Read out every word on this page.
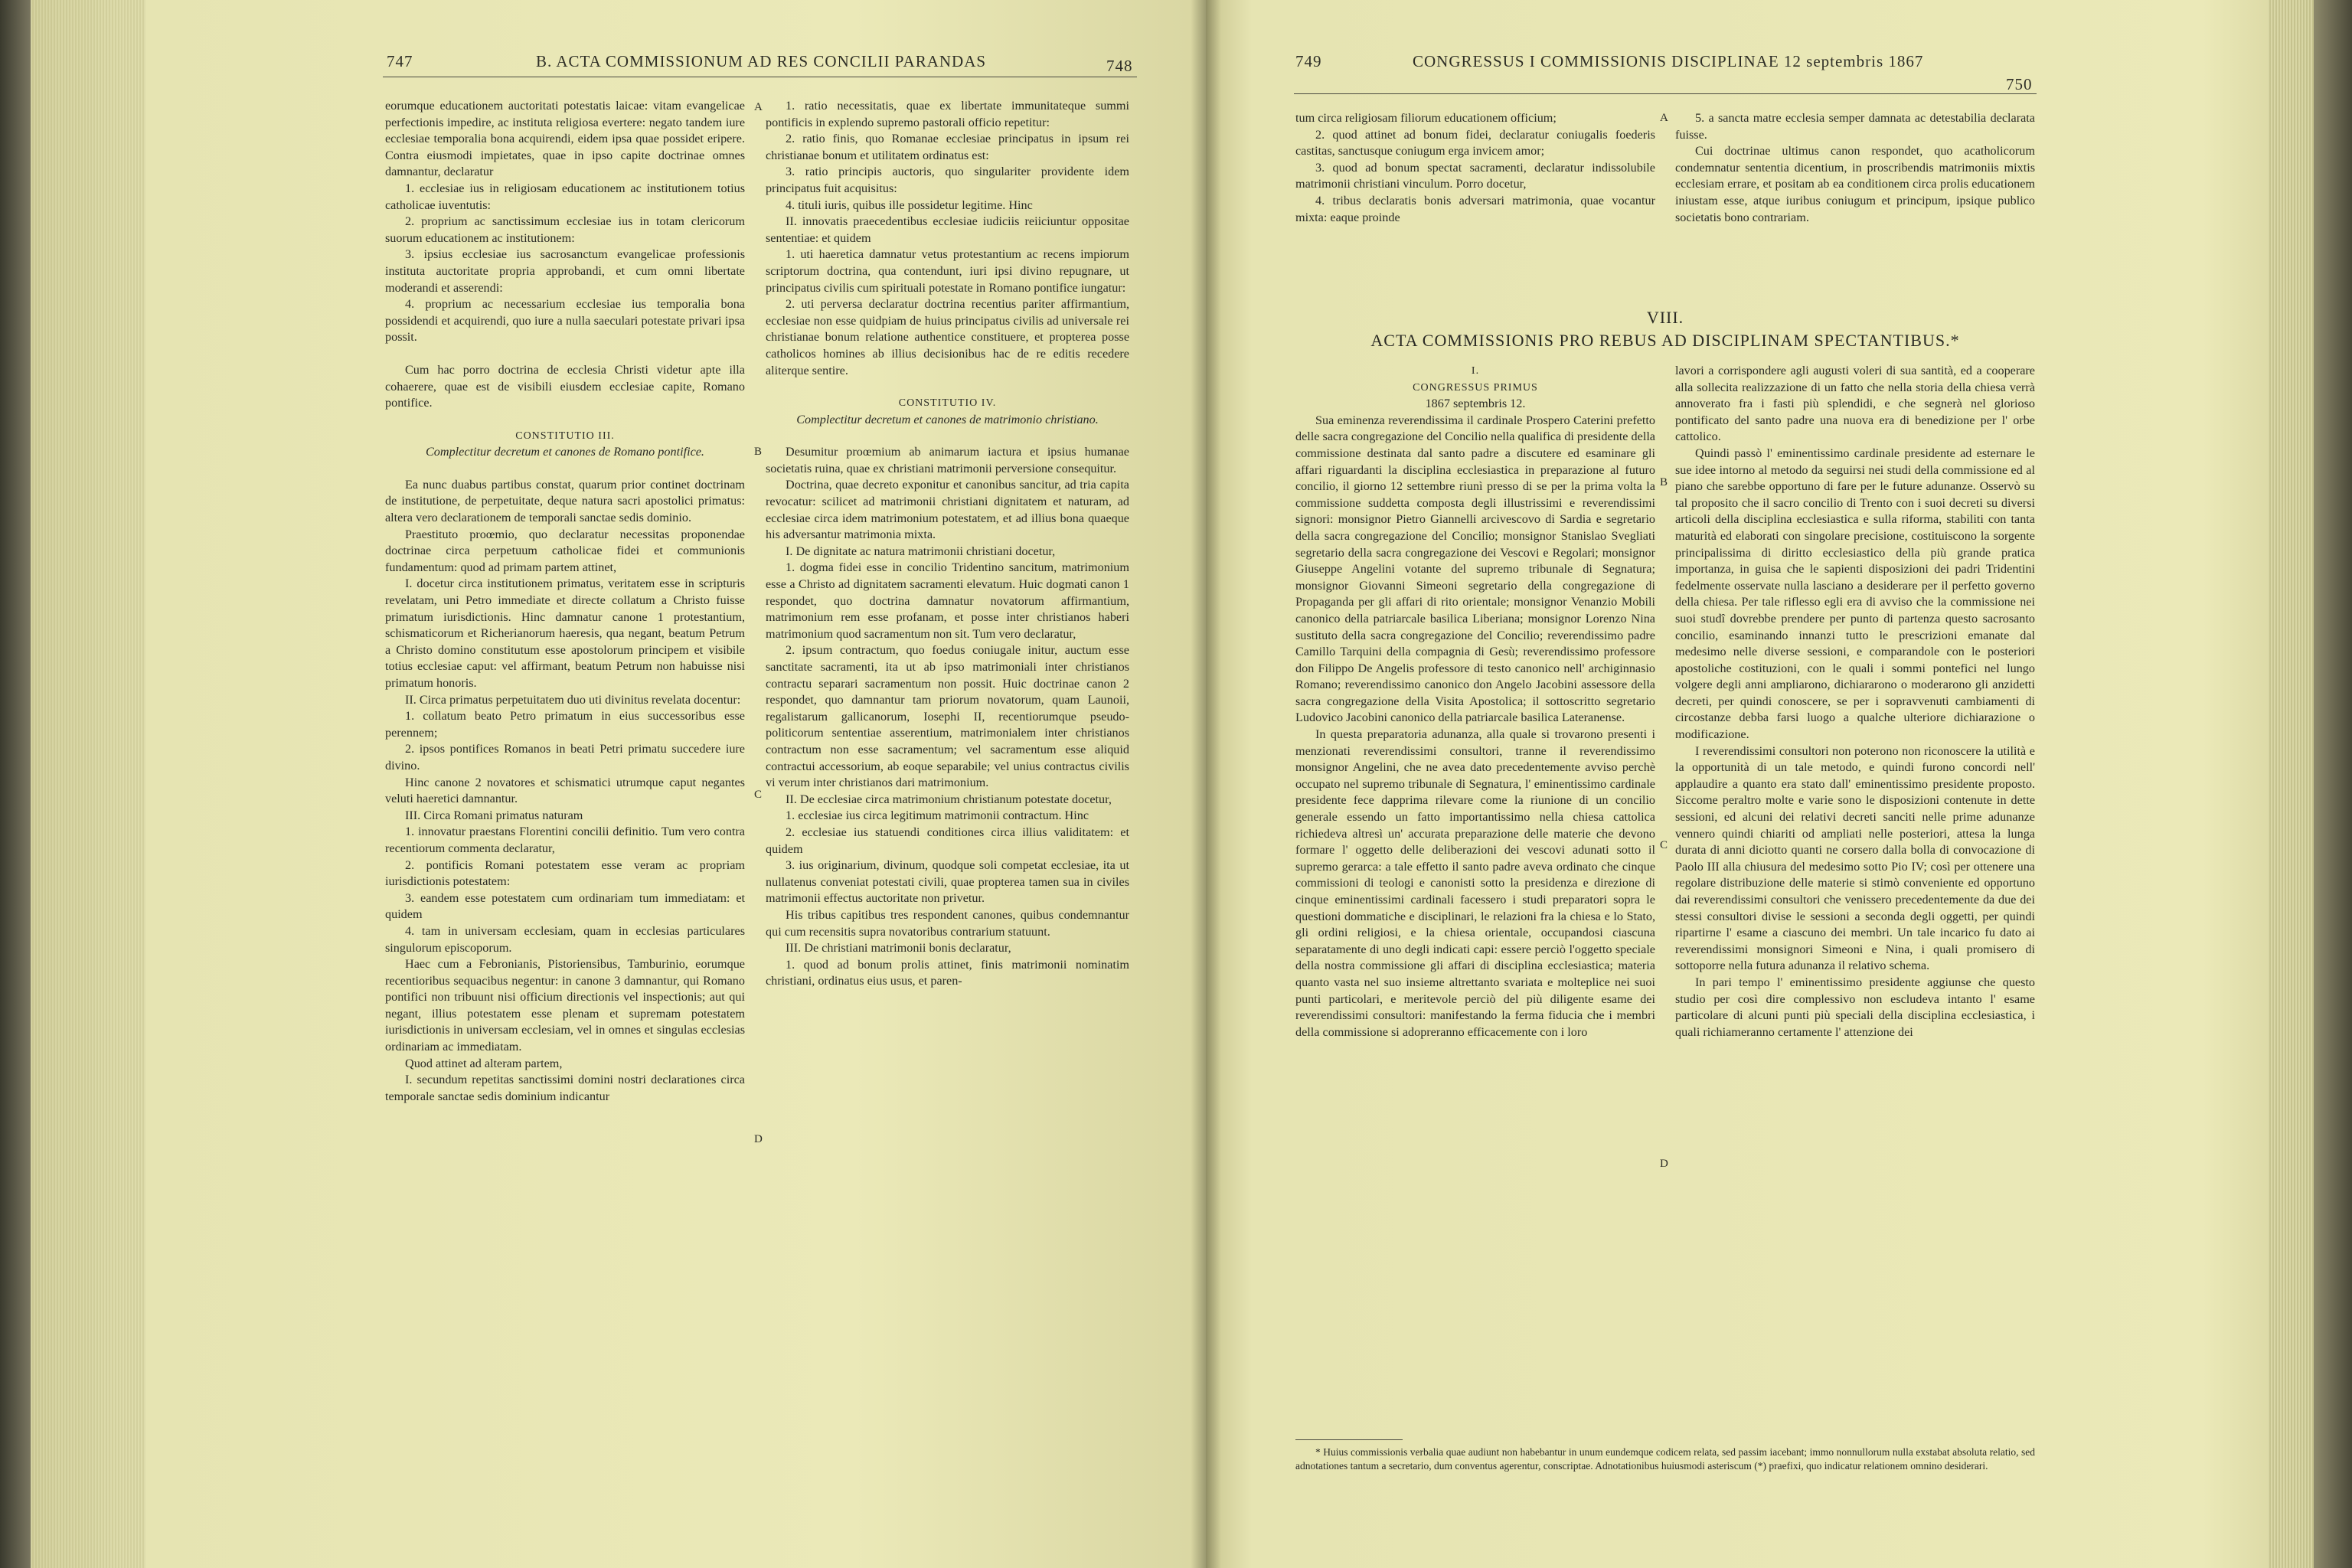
747	B. ACTA COMMISSIONUM AD RES CONCILII PARANDAS	748

eorumque educationem auctoritati potestatis laicae: vitam evangelicae perfectionis impedire, ac instituta religiosa evertere: negato tandem iure ecclesiae temporalia bona acquirendi, eidem ipsa quae possidet eripere. Contra eiusmodi impietates, quae in ipso capite doctrinae omnes damnantur, declaratur

1. ecclesiae ius in religiosam educationem ac institutionem totius catholicae iuventutis:

2. proprium ac sanctissimum ecclesiae ius in totam clericorum suorum educationem ac institutionem:

3. ipsius ecclesiae ius sacrosanctum evangelicae professionis instituta auctoritate propria approbandi, et cum omni libertate moderandi et asserendi:

4. proprium ac necessarium ecclesiae ius temporalia bona possidendi et acquirendi, quo iure a nulla saeculari potestate privari ipsa possit.

Cum hac porro doctrina de ecclesia Christi videtur apte illa cohaerere, quae est de visibili eiusdem ecclesiae capite, Romano pontifice.

CONSTITUTIO III.

Complectitur decretum et canones de Romano pontifice.

Ea nunc duabus partibus constat, quarum prior continet doctrinam de institutione, de perpetuitate, deque natura sacri apostolici primatus: altera vero declarationem de temporali sanctae sedis dominio.

Praestituto proœmio, quo declaratur necessitas proponendae doctrinae circa perpetuum catholicae fidei et communionis fundamentum: quod ad primam partem attinet,

I. docetur circa institutionem primatus, veritatem esse in scripturis revelatam, uni Petro immediate et directe collatum a Christo fuisse primatum iurisdictionis. Hinc damnatur canone 1 protestantium, schismaticorum et Richerianorum haeresis, qua negant, beatum Petrum a Christo domino constitutum esse apostolorum principem et visibile totius ecclesiae caput: vel affirmant, beatum Petrum non habuisse nisi primatum honoris.

II. Circa primatus perpetuitatem duo uti divinitus revelata docentur:

1. collatum beato Petro primatum in eius successoribus esse perennem;

2. ipsos pontifices Romanos in beati Petri primatu succedere iure divino.

Hinc canone 2 novatores et schismatici utrumque caput negantes veluti haeretici damnantur.

III. Circa Romani primatus naturam

1. innovatur praestans Florentini concilii definitio. Tum vero contra recentiorum commenta declaratur,

2. pontificis Romani potestatem esse veram ac propriam iurisdictionis potestatem:

3. eandem esse potestatem cum ordinariam tum immediatam: et quidem

4. tam in universam ecclesiam, quam in ecclesias particulares singulorum episcoporum.

Haec cum a Febronianis, Pistoriensibus, Tamburinio, eorumque recentioribus sequacibus negentur: in canone 3 damnantur, qui Romano pontifici non tribuunt nisi officium directionis vel inspectionis; aut qui negant, illius potestatem esse plenam et supremam potestatem iurisdictionis in universam ecclesiam, vel in omnes et singulas ecclesias ordinariam ac immediatam.

Quod attinet ad alteram partem,

I. secundum repetitas sanctissimi domini nostri declarationes circa temporale sanctae sedis dominium indicantur

1. ratio necessitatis, quae ex libertate immunitateque summi pontificis in explendo supremo pastorali officio repetitur:

2. ratio finis, quo Romanae ecclesiae principatus in ipsum rei christianae bonum et utilitatem ordinatus est:

3. ratio principis auctoris, quo singulariter providente idem principatus fuit acquisitus:

4. tituli iuris, quibus ille possidetur legitime. Hinc

II. innovatis praecedentibus ecclesiae iudiciis reiiciuntur oppositae sententiae: et quidem

1. uti haeretica damnatur vetus protestantium ac recens impiorum scriptorum doctrina, qua contendunt, iuri ipsi divino repugnare, ut principatus civilis cum spirituali potestate in Romano pontifice iungatur:

2. uti perversa declaratur doctrina recentius pariter affirmantium, ecclesiae non esse quidpiam de huius principatus civilis ad universale rei christianae bonum relatione authentice constituere, et propterea posse catholicos homines ab illius decisionibus hac de re editis recedere aliterque sentire.

CONSTITUTIO IV.

Complectitur decretum et canones de matrimonio christiano.

Desumitur proœmium ab animarum iactura et ipsius humanae societatis ruina, quae ex christiani matrimonii perversione consequitur.

Doctrina, quae decreto exponitur et canonibus sancitur, ad tria capita revocatur: scilicet ad matrimonii christiani dignitatem et naturam, ad ecclesiae circa idem matrimonium potestatem, et ad illius bona quaeque his adversantur matrimonia mixta.

I. De dignitate ac natura matrimonii christiani docetur,

1. dogma fidei esse in concilio Tridentino sancitum, matrimonium esse a Christo ad dignitatem sacramenti elevatum. Huic dogmati canon 1 respondet, quo doctrina damnatur novatorum affirmantium, matrimonium rem esse profanam, et posse inter christianos haberi matrimonium quod sacramentum non sit. Tum vero declaratur,

2. ipsum contractum, quo foedus coniugale initur, auctum esse sanctitate sacramenti, ita ut ab ipso matrimoniali inter christianos contractu separari sacramentum non possit. Huic doctrinae canon 2 respondet, quo damnantur tam priorum novatorum, quam Launoii, regalistarum gallicanorum, Iosephi II, recentiorumque pseudo-politicorum sententiae asserentium, matrimonialem inter christianos contractum non esse sacramentum; vel sacramentum esse aliquid contractui accessorium, ab eoque separabile; vel unius contractus civilis vi verum inter christianos dari matrimonium.

II. De ecclesiae circa matrimonium christianum potestate docetur,

1. ecclesiae ius circa legitimum matrimonii contractum. Hinc

2. ecclesiae ius statuendi conditiones circa illius validitatem: et quidem

3. ius originarium, divinum, quodque soli competat ecclesiae, ita ut nullatenus conveniat potestati civili, quae propterea tamen sua in civiles matrimonii effectus auctoritate non privetur.

His tribus capitibus tres respondent canones, quibus condemnantur qui cum recensitis supra novatoribus contrarium statuunt.

III. De christiani matrimonii bonis declaratur,

1. quod ad bonum prolis attinet, finis matrimonii nominatim christiani, ordinatus eius usus, et paren-

A
B
C
D
749	CONGRESSUS I COMMISSIONIS DISCIPLINAE 12 septembris 1867
750

tum circa religiosam filiorum educationem officium;

2. quod attinet ad bonum fidei, declaratur coniugalis foederis castitas, sanctusque coniugum erga invicem amor;

3. quod ad bonum spectat sacramenti, declaratur indissolubile matrimonii christiani vinculum. Porro docetur,

4. tribus declaratis bonis adversari matrimonia, quae vocantur mixta: eaque proinde

5. a sancta matre ecclesia semper damnata ac detestabilia declarata fuisse.

Cui doctrinae ultimus canon respondet, quo acatholicorum condemnatur sententia dicentium, in proscribendis matrimoniis mixtis ecclesiam errare, et positam ab ea conditionem circa prolis educationem iniustam esse, atque iuribus coniugum et principum, ipsique publico societatis bono contrariam.

A
VIII.
ACTA COMMISSIONIS PRO REBUS AD DISCIPLINAM SPECTANTIBUS.*

I.

CONGRESSUS PRIMUS

1867 septembris 12.

Sua eminenza reverendissima il cardinale Prospero Caterini prefetto delle sacra congregazione del Concilio nella qualifica di presidente della commissione destinata dal santo padre a discutere ed esaminare gli affari riguardanti la disciplina ecclesiastica in preparazione al futuro concilio, il giorno 12 settembre riunì presso di se per la prima volta la commissione suddetta composta degli illustrissimi e reverendissimi signori: monsignor Pietro Giannelli arcivescovo di Sardia e segretario della sacra congregazione del Concilio; monsignor Stanislao Svegliati segretario della sacra congregazione dei Vescovi e Regolari; monsignor Giuseppe Angelini votante del supremo tribunale di Segnatura; monsignor Giovanni Simeoni segretario della congregazione di Propaganda per gli affari di rito orientale; monsignor Venanzio Mobili canonico della patriarcale basilica Liberiana; monsignor Lorenzo Nina sustituto della sacra congregazione del Concilio; reverendissimo padre Camillo Tarquini della compagnia di Gesù; reverendissimo professore don Filippo De Angelis professore di testo canonico nell' archiginnasio Romano; reverendissimo canonico don Angelo Jacobini assessore della sacra congregazione della Visita Apostolica; il sottoscritto segretario Ludovico Jacobini canonico della patriarcale basilica Lateranense.

In questa preparatoria adunanza, alla quale si trovarono presenti i menzionati reverendissimi consultori, tranne il reverendissimo monsignor Angelini, che ne avea dato precedentemente avviso perchè occupato nel supremo tribunale di Segnatura, l' eminentissimo cardinale presidente fece dapprima rilevare come la riunione di un concilio generale essendo un fatto importantissimo nella chiesa cattolica richiedeva altresì un' accurata preparazione delle materie che devono formare l' oggetto delle deliberazioni dei vescovi adunati sotto il supremo gerarca: a tale effetto il santo padre aveva ordinato che cinque commissioni di teologi e canonisti sotto la presidenza e direzione di cinque eminentissimi cardinali facessero i studi preparatori sopra le questioni dommatiche e disciplinari, le relazioni fra la chiesa e lo Stato, gli ordini religiosi, e la chiesa orientale, occupandosi ciascuna separatamente di uno degli indicati capi: essere perciò l'oggetto speciale della nostra commissione gli affari di disciplina ecclesiastica; materia quanto vasta nel suo insieme altrettanto svariata e molteplice nei suoi punti particolari, e meritevole perciò del più diligente esame dei reverendissimi consultori: manifestando la ferma fiducia che i membri della commissione si adopreranno efficacemente con i loro

lavori a corrispondere agli augusti voleri di sua santità, ed a cooperare alla sollecita realizzazione di un fatto che nella storia della chiesa verrà annoverato fra i fasti più splendidi, e che segnerà nel glorioso pontificato del santo padre una nuova era di benedizione per l' orbe cattolico.

Quindi passò l' eminentissimo cardinale presidente ad esternare le sue idee intorno al metodo da seguirsi nei studi della commissione ed al piano che sarebbe opportuno di fare per le future adunanze. Osservò su tal proposito che il sacro concilio di Trento con i suoi decreti su diversi articoli della disciplina ecclesiastica e sulla riforma, stabiliti con tanta maturità ed elaborati con singolare precisione, costituiscono la sorgente principalissima di diritto ecclesiastico della più grande pratica importanza, in guisa che le sapienti disposizioni dei padri Tridentini fedelmente osservate nulla lasciano a desiderare per il perfetto governo della chiesa. Per tale riflesso egli era di avviso che la commissione nei suoi studî dovrebbe prendere per punto di partenza questo sacrosanto concilio, esaminando innanzi tutto le prescrizioni emanate dal medesimo nelle diverse sessioni, e comparandole con le posteriori apostoliche costituzioni, con le quali i sommi pontefici nel lungo volgere degli anni ampliarono, dichiararono o moderarono gli anzidetti decreti, per quindi conoscere, se per i sopravvenuti cambiamenti di circostanze debba farsi luogo a qualche ulteriore dichiarazione o modificazione.

I reverendissimi consultori non poterono non riconoscere la utilità e la opportunità di un tale metodo, e quindi furono concordi nell' applaudire a quanto era stato dall' eminentissimo presidente proposto. Siccome peraltro molte e varie sono le disposizioni contenute in dette sessioni, ed alcuni dei relativi decreti sanciti nelle prime adunanze vennero quindi chiariti od ampliati nelle posteriori, attesa la lunga durata di anni diciotto quanti ne corsero dalla bolla di convocazione di Paolo III alla chiusura del medesimo sotto Pio IV; così per ottenere una regolare distribuzione delle materie si stimò conveniente ed opportuno dai reverendissimi consultori che venissero precedentemente da due dei stessi consultori divise le sessioni a seconda degli oggetti, per quindi ripartirne l' esame a ciascuno dei membri. Un tale incarico fu dato ai reverendissimi monsignori Simeoni e Nina, i quali promisero di sottoporre nella futura adunanza il relativo schema.

In pari tempo l' eminentissimo presidente aggiunse che questo studio per così dire complessivo non escludeva intanto l' esame particolare di alcuni punti più speciali della disciplina ecclesiastica, i quali richiameranno certamente l' attenzione dei

B
C
D

* Huius commissionis verbalia quae audiunt non habebantur in unum eundemque codicem relata, sed passim iacebant; immo nonnullorum nulla exstabat absoluta relatio, sed adnotationes tantum a secretario, dum conventus agerentur, conscriptae. Adnotationibus huiusmodi asteriscum (*) praefixi, quo indicatur relationem omnino desiderari.
